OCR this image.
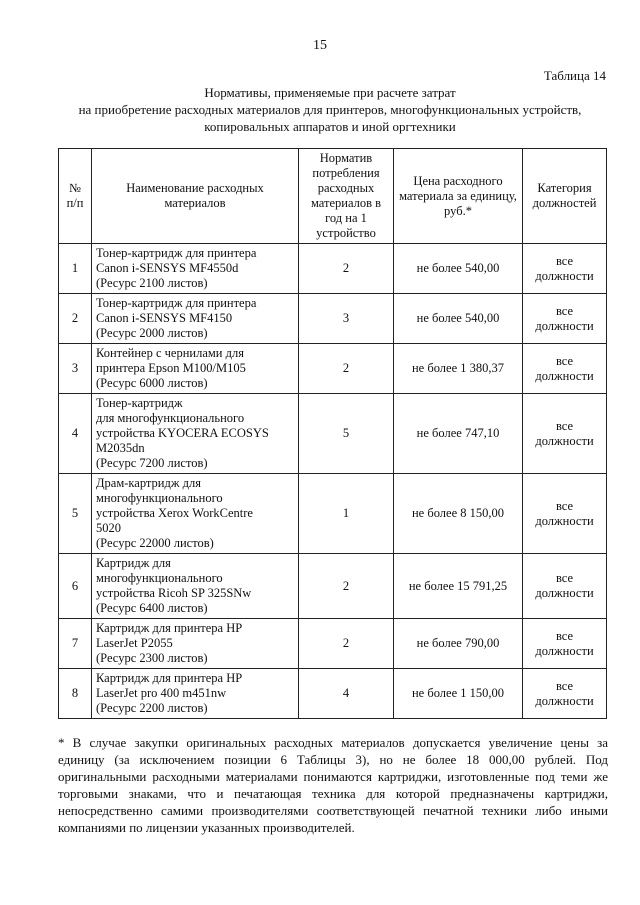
15
Таблица 14
Нормативы, применяемые при расчете затрат
на приобретение расходных материалов для принтеров, многофункциональных устройств,
копировальных аппаратов и иной оргтехники
№ п/п	Наименование расходных материалов	Норматив потребления расходных материалов в год на 1 устройство	Цена расходного материала за единицу, руб.*	Категория должностей
1	Тонер-картридж для принтера
Canon i-SENSYS MF4550d
(Ресурс 2100 листов)	2	не более 540,00	все должности
2	Тонер-картридж для принтера
Canon i-SENSYS MF4150
(Ресурс 2000 листов)	3	не более 540,00	все должности
3	Контейнер с чернилами для
принтера Epson M100/M105
(Ресурс 6000 листов)	2	не более 1 380,37	все должности
4	Тонер-картридж
для многофункционального
устройства KYOCERA ECOSYS
M2035dn
(Ресурс 7200 листов)	5	не более 747,10	все должности
5	Драм-картридж для
многофункционального
устройства Xerox WorkCentre
5020
(Ресурс 22000 листов)	1	не более 8 150,00	все должности
6	Картридж для
многофункционального
устройства Ricoh SP 325SNw
(Ресурс 6400 листов)	2	не более 15 791,25	все должности
7	Картридж для принтера HP
LaserJet P2055
(Ресурс 2300 листов)	2	не более 790,00	все должности
8	Картридж для принтера HP
LaserJet pro 400 m451nw
(Ресурс 2200 листов)	4	не более 1 150,00	все должности
* В случае закупки оригинальных расходных материалов допускается увеличение цены за единицу (за исключением позиции 6 Таблицы 3), но не более 18 000,00 рублей. Под оригинальными расходными материалами понимаются картриджи, изготовленные под теми же торговыми знаками, что и печатающая техника для которой предназначены картриджи, непосредственно самими производителями соответствующей печатной техники либо иными компаниями по лицензии указанных производителей.
